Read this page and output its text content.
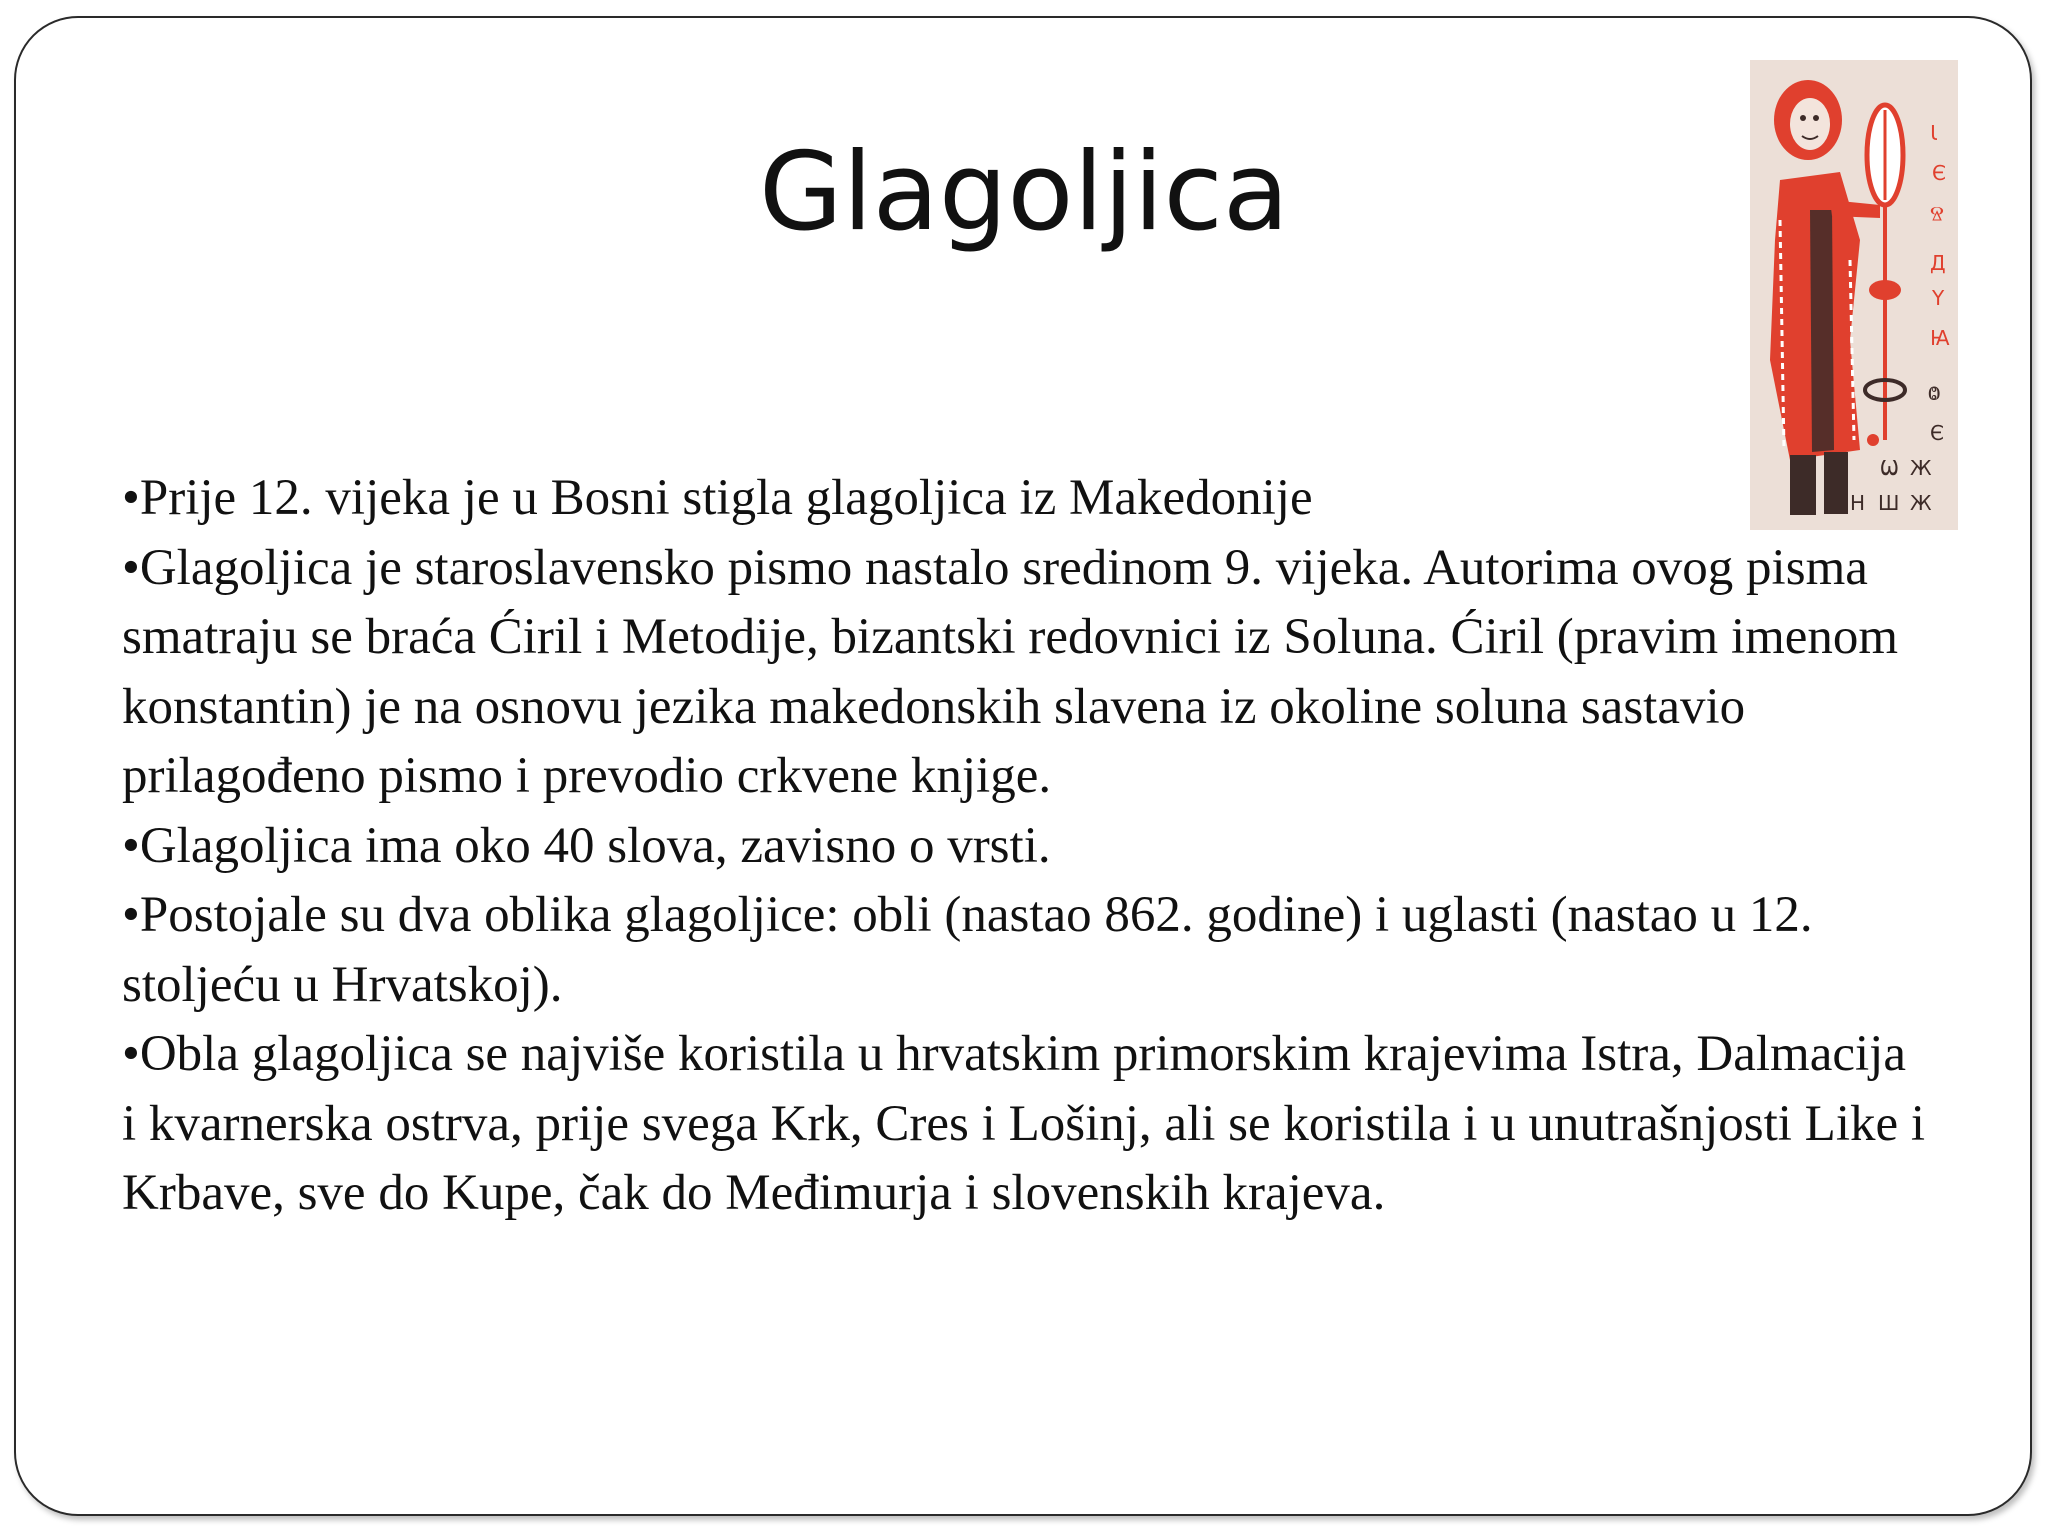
Glagoljica	Ꙇ
Є
Ⱄ
Д
Y
Ꙗ
Ⱉ
Є
Ѡ Ж
Н Ш Ж

•Prije 12. vijeka je u Bosni stigla glagoljica iz Makedonije

•Glagoljica je staroslavensko pismo nastalo sredinom 9. vijeka. Autorima ovog pisma smatraju se braća Ćiril i Metodije, bizantski redovnici iz Soluna. Ćiril (pravim imenom konstantin) je na osnovu jezika makedonskih slavena iz okoline soluna sastavio prilagođeno pismo i prevodio crkvene knjige.

•Glagoljica ima oko 40 slova, zavisno o vrsti.

•Postojale su dva oblika glagoljice: obli (nastao 862. godine) i uglasti (nastao u 12. stoljeću u Hrvatskoj).

•Obla glagoljica se najviše koristila u hrvatskim primorskim krajevima Istra, Dalmacija i kvarnerska ostrva, prije svega Krk, Cres i Lošinj, ali se koristila i u unutrašnjosti Like i Krbave, sve do Kupe, čak do Međimurja i slovenskih krajeva.
